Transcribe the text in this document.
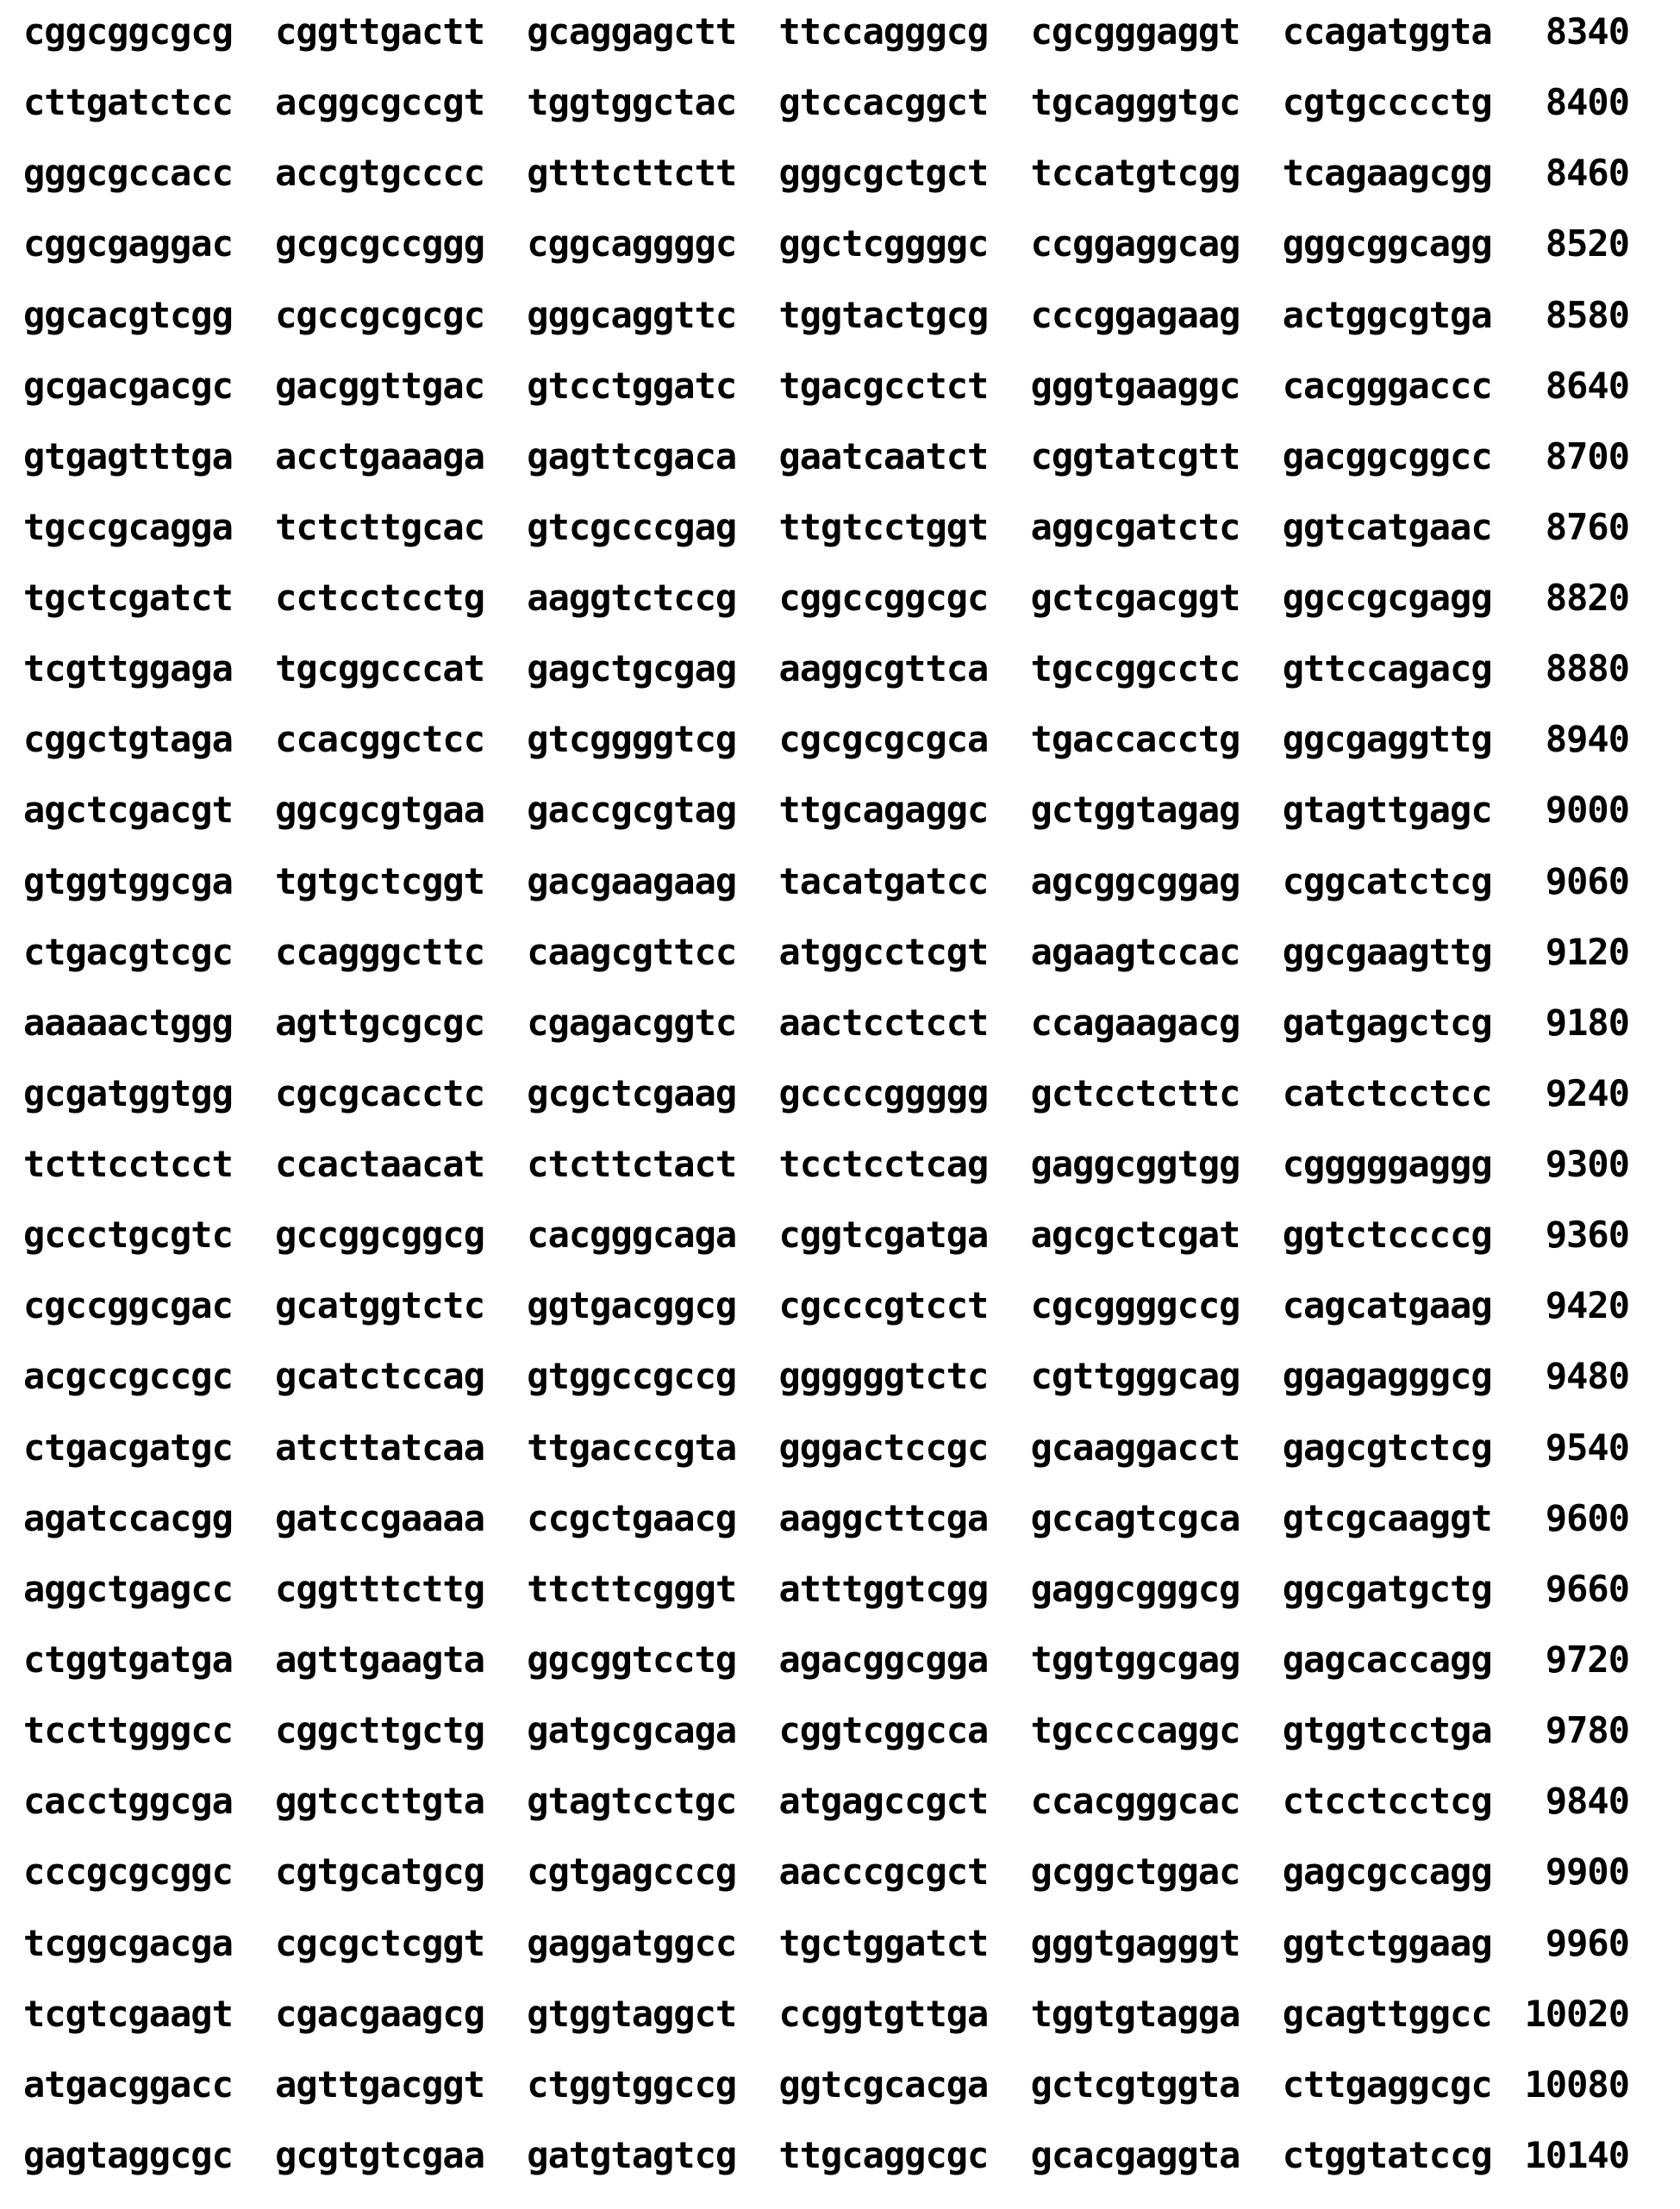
cggcggcgcg cggttgactt gcaggagctt ttccagggcg cgcgggaggt ccagatggta 8340
cttgatctcc acggcgccgt tggtggctac gtccacggct tgcagggtgc cgtgcccctg 8400
gggcgccacc accgtgcccc gtttcttctt gggcgctgct tccatgtcgg tcagaagcgg 8460
cggcgaggac gcgcgccggg cggcaggggc ggctcggggc ccggaggcag gggcggcagg 8520
ggcacgtcgg cgccgcgcgc gggcaggttc tggtactgcg cccggagaag actggcgtga 8580
gcgacgacgc gacggttgac gtcctggatc tgacgcctct gggtgaaggc cacgggaccc 8640
gtgagtttga acctgaaaga gagttcgaca gaatcaatct cggtatcgtt gacggcggcc 8700
tgccgcagga tctcttgcac gtcgcccgag ttgtcctggt aggcgatctc ggtcatgaac 8760
tgctcgatct cctcctcctg aaggtctccg cggccggcgc gctcgacggt ggccgcgagg 8820
tcgttggaga tgcggcccat gagctgcgag aaggcgttca tgccggcctc gttccagacg 8880
cggctgtaga ccacggctcc gtcggggtcg cgcgcgcgca tgaccacctg ggcgaggttg 8940
agctcgacgt ggcgcgtgaa gaccgcgtag ttgcagaggc gctggtagag gtagttgagc 9000
gtggtggcga tgtgctcggt gacgaagaag tacatgatcc agcggcggag cggcatctcg 9060
ctgacgtcgc ccagggcttc caagcgttcc atggcctcgt agaagtccac ggcgaagttg 9120
aaaaactggg agttgcgcgc cgagacggtc aactcctcct ccagaagacg gatgagctcg 9180
gcgatggtgg cgcgcacctc gcgctcgaag gccccggggg gctcctcttc catctcctcc 9240
tcttcctcct ccactaacat ctcttctact tcctcctcag gaggcggtgg cgggggaggg 9300
gccctgcgtc gccggcggcg cacgggcaga cggtcgatga agcgctcgat ggtctccccg 9360
cgccggcgac gcatggtctc ggtgacggcg cgcccgtcct cgcggggccg cagcatgaag 9420
acgccgccgc gcatctccag gtggccgccg ggggggtctc cgttgggcag ggagagggcg 9480
ctgacgatgc atcttatcaa ttgacccgta gggactccgc gcaaggacct gagcgtctcg 9540
agatccacgg gatccgaaaa ccgctgaacg aaggcttcga gccagtcgca gtcgcaaggt 9600
aggctgagcc cggtttcttg ttcttcgggt atttggtcgg gaggcgggcg ggcgatgctg 9660
ctggtgatga agttgaagta ggcggtcctg agacggcgga tggtggcgag gagcaccagg 9720
tccttgggcc cggcttgctg gatgcgcaga cggtcggcca tgccccaggc gtggtcctga 9780
cacctggcga ggtccttgta gtagtcctgc atgagccgct ccacgggcac ctcctcctcg 9840
cccgcgcggc cgtgcatgcg cgtgagcccg aacccgcgct gcggctggac gagcgccagg 9900
tcggcgacga cgcgctcggt gaggatggcc tgctggatct gggtgagggt ggtctggaag 9960
tcgtcgaagt cgacgaagcg gtggtaggct ccggtgttga tggtgtagga gcagttggcc 10020
atgacggacc agttgacggt ctggtggccg ggtcgcacga gctcgtggta cttgaggcgc 10080
gagtaggcgc gcgtgtcgaa gatgtagtcg ttgcaggcgc gcacgaggta ctggtatccg 10140
